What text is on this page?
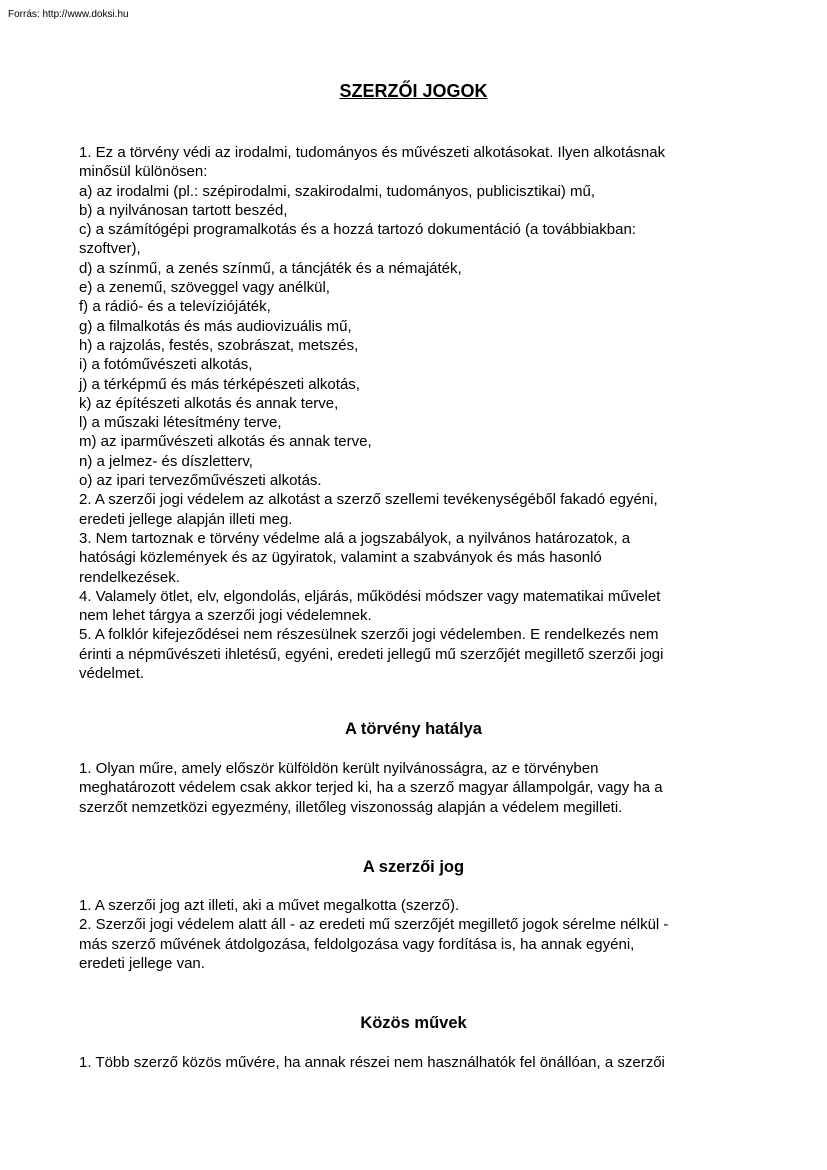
Forrás: http://www.doksi.hu
SZERZŐI JOGOK

1. Ez a törvény védi az irodalmi, tudományos és művészeti alkotásokat. Ilyen alkotásnak

minősül különösen:

a) az irodalmi (pl.: szépirodalmi, szakirodalmi, tudományos, publicisztikai) mű,

b) a nyilvánosan tartott beszéd,

c) a számítógépi programalkotás és a hozzá tartozó dokumentáció (a továbbiakban:

szoftver),

d) a színmű, a zenés színmű, a táncjáték és a némajáték,

e) a zenemű, szöveggel vagy anélkül,

f) a rádió- és a televíziójáték,

g) a filmalkotás és más audiovizuális mű,

h) a rajzolás, festés, szobrászat, metszés,

i) a fotóművészeti alkotás,

j) a térképmű és más térképészeti alkotás,

k) az építészeti alkotás és annak terve,

l) a műszaki létesítmény terve,

m) az iparművészeti alkotás és annak terve,

n) a jelmez- és díszletterv,

o) az ipari tervezőművészeti alkotás.

2. A szerzői jogi védelem az alkotást a szerző szellemi tevékenységéből fakadó egyéni,

eredeti jellege alapján illeti meg.

3. Nem tartoznak e törvény védelme alá a jogszabályok, a nyilvános határozatok, a

hatósági közlemények és az ügyiratok, valamint a szabványok és más hasonló

rendelkezések.

4. Valamely ötlet, elv, elgondolás, eljárás, működési módszer vagy matematikai művelet

nem lehet tárgya a szerzői jogi védelemnek.

5. A folklór kifejeződései nem részesülnek szerzői jogi védelemben. E rendelkezés nem

érinti a népművészeti ihletésű, egyéni, eredeti jellegű mű szerzőjét megillető szerzői jogi

védelmet.

A törvény hatálya

1. Olyan műre, amely először külföldön került nyilvánosságra, az e törvényben

meghatározott védelem csak akkor terjed ki, ha a szerző magyar állampolgár, vagy ha a

szerzőt nemzetközi egyezmény, illetőleg viszonosság alapján a védelem megilleti.

A szerzői jog

1. A szerzői jog azt illeti, aki a művet megalkotta (szerző).

2. Szerzői jogi védelem alatt áll - az eredeti mű szerzőjét megillető jogok sérelme nélkül -

más szerző művének átdolgozása, feldolgozása vagy fordítása is, ha annak egyéni,

eredeti jellege van.

Közös művek

1. Több szerző közös művére, ha annak részei nem használhatók fel önállóan, a szerzői
